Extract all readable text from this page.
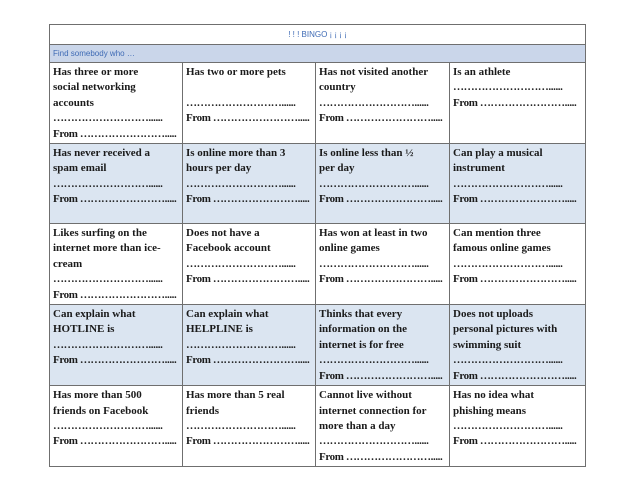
! ! ! BINGO ¡ ¡ ¡ ¡			
Find somebody who …			

Has three or more
social networking
accounts
………………………......
From …………………….....	Has two or more pets

………………………......
From …………………….....	Has not visited another
country
………………………......
From …………………….....	Is an athlete
………………………......
From …………………….....

Has never received a
spam email
………………………......
From …………………….....	Is online more than 3
hours per day
………………………......
From …………………….....	Is online less than ½
per day
………………………......
From …………………….....	Can play a musical
instrument
………………………......
From …………………….....

Likes surfing on the
internet more than ice-
cream
………………………......
From …………………….....	Does not have a
Facebook account
………………………......
From …………………….....	Has won at least in two
online games
………………………......
From …………………….....	Can mention three
famous online games
………………………......
From …………………….....

Can explain what
HOTLINE is
………………………......
From …………………….....	Can explain what
HELPLINE is
………………………......
From …………………….....	Thinks that every
information on the
internet is for free
………………………......
From …………………….....	Does not uploads
personal pictures with
swimming suit
………………………......
From …………………….....

Has more than 500
friends on Facebook
………………………......
From …………………….....	Has more than 5 real
friends
………………………......
From …………………….....	Cannot live without
internet connection for
more than a day
………………………......
From …………………….....	Has no idea what
phishing means
………………………......
From …………………….....
